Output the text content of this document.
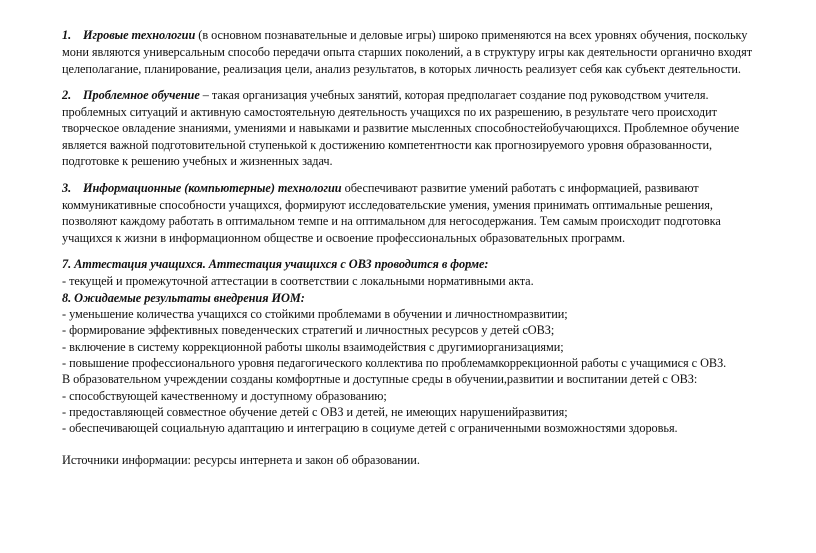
1. Игровые технологии (в основном познавательные и деловые игры) широко применяются на всех уровнях обучения, поскольку
мони являются универсальным способо передачи опыта старших поколений, а в структуру игры как деятельности органично входят
целеполагание, планирование, реализация цели, анализ результатов, в которых личность реализует себя как субъект деятельности.
2. Проблемное обучение – такая организация учебных занятий, которая предполагает создание под руководством учителя.
проблемных ситуаций и активную самостоятельную деятельность учащихся по их разрешению, в результате чего происходит
творческое овладение знаниями, умениями и навыками и развитие мысленных способностейобучающихся. Проблемное обучение
является важной подготовительной ступенькой к достижению компетентности как прогнозируемого уровня образованности,
подготовке к решению учебных и жизненных задач.
3. Информационные (компьютерные) технологии обеспечивают развитие умений работать с информацией, развивают
коммуникативные способности учащихся, формируют исследовательские умения, умения принимать оптимальные решения,
позволяют каждому работать в оптимальном темпе и на оптимальном для негосодержания. Тем самым происходит подготовка
учащихся к жизни в информационном обществе и освоение профессиональных образовательных программ.
7. Аттестация учащихся. Аттестация учащихся с ОВЗ проводится в форме:
- текущей и промежуточной аттестации в соответствии с локальными нормативными акта.
8. Ожидаемые результаты внедрения ИОМ:
- уменьшение количества учащихся со стойкими проблемами в обучении и личностномразвитии;
- формирование эффективных поведенческих стратегий и личностных ресурсов у детей сОВЗ;
- включение в систему коррекционной работы школы взаимодействия с другимиорганизациями;
- повышение профессионального уровня педагогического коллектива по проблемамкоррекционной работы с учащимися с ОВЗ.
В образовательном учреждении созданы комфортные и доступные среды в обучении,развитии и воспитании детей с ОВЗ:
- способствующей качественному и доступному образованию;
- предоставляющей совместное обучение детей с ОВЗ и детей, не имеющих нарушенийразвития;
- обеспечивающей социальную адаптацию и интеграцию в социуме детей с ограниченными возможностями здоровья.
Источники информации: ресурсы интернета и закон об образовании.
